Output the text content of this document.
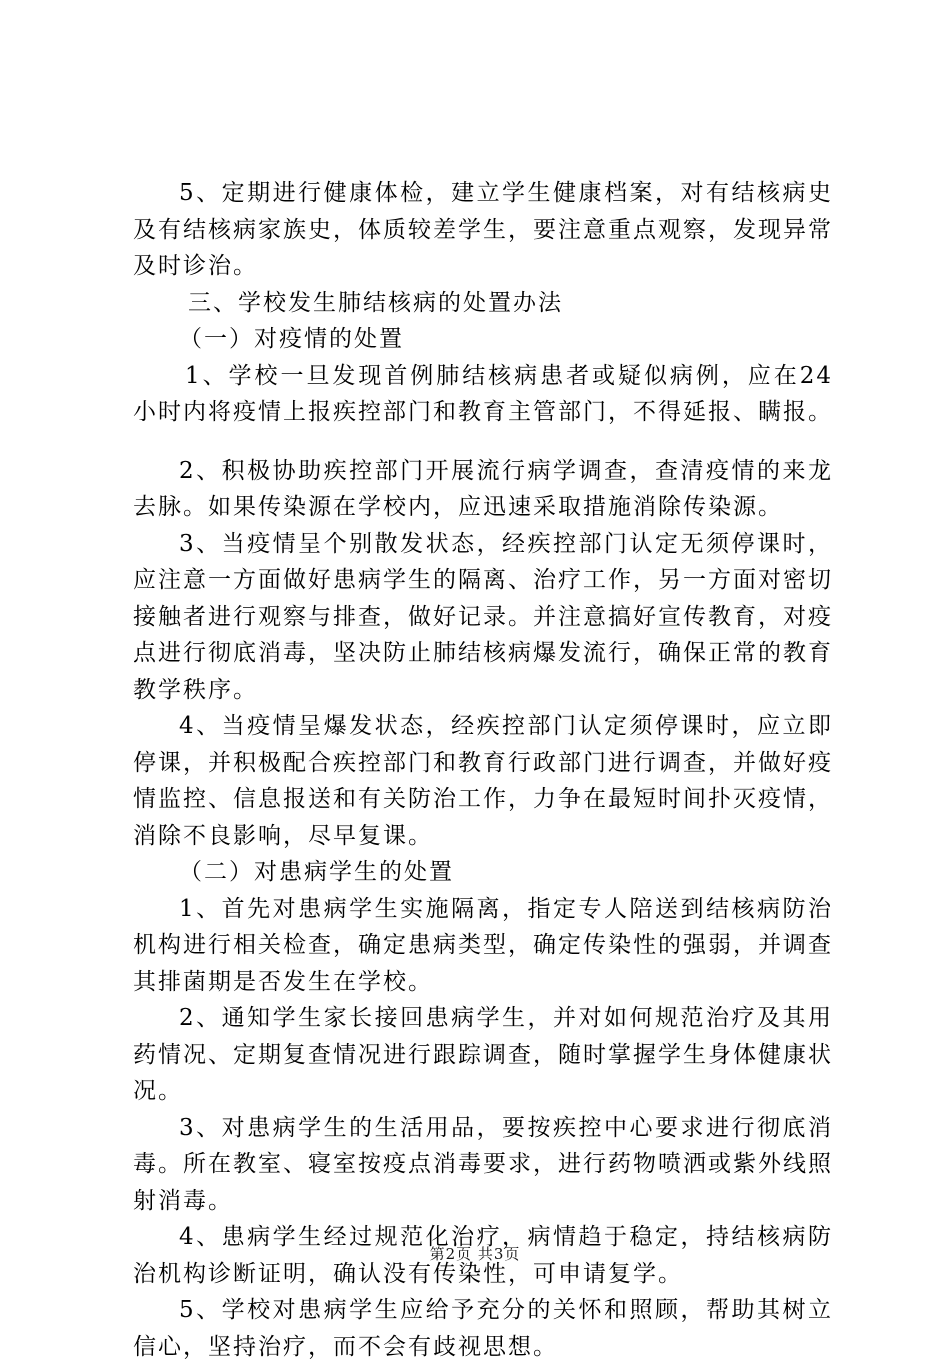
5、定期进行健康体检，建立学生健康档案，对有结核病史及有结核病家族史，体质较差学生，要注意重点观察，发现异常及时诊治。

三、学校发生肺结核病的处置办法

（一）对疫情的处置

1、学校一旦发现首例肺结核病患者或疑似病例，应在24小时内将疫情上报疾控部门和教育主管部门，不得延报、瞒报。

2、积极协助疾控部门开展流行病学调查，查清疫情的来龙去脉。如果传染源在学校内，应迅速采取措施消除传染源。

3、当疫情呈个别散发状态，经疾控部门认定无须停课时，应注意一方面做好患病学生的隔离、治疗工作，另一方面对密切接触者进行观察与排查，做好记录。并注意搞好宣传教育，对疫点进行彻底消毒，坚决防止肺结核病爆发流行，确保正常的教育教学秩序。

4、当疫情呈爆发状态，经疾控部门认定须停课时，应立即停课，并积极配合疾控部门和教育行政部门进行调查，并做好疫情监控、信息报送和有关防治工作，力争在最短时间扑灭疫情，消除不良影响，尽早复课。

（二）对患病学生的处置

1、首先对患病学生实施隔离，指定专人陪送到结核病防治机构进行相关检查，确定患病类型，确定传染性的强弱，并调查其排菌期是否发生在学校。

2、通知学生家长接回患病学生，并对如何规范治疗及其用药情况、定期复查情况进行跟踪调查，随时掌握学生身体健康状况。

3、对患病学生的生活用品，要按疾控中心要求进行彻底消毒。所在教室、寝室按疫点消毒要求，进行药物喷洒或紫外线照射消毒。

4、患病学生经过规范化治疗，病情趋于稳定，持结核病防治机构诊断证明，确认没有传染性，可申请复学。

5、学校对患病学生应给予充分的关怀和照顾，帮助其树立信心，坚持治疗，而不会有歧视思想。

第2页 共3页
